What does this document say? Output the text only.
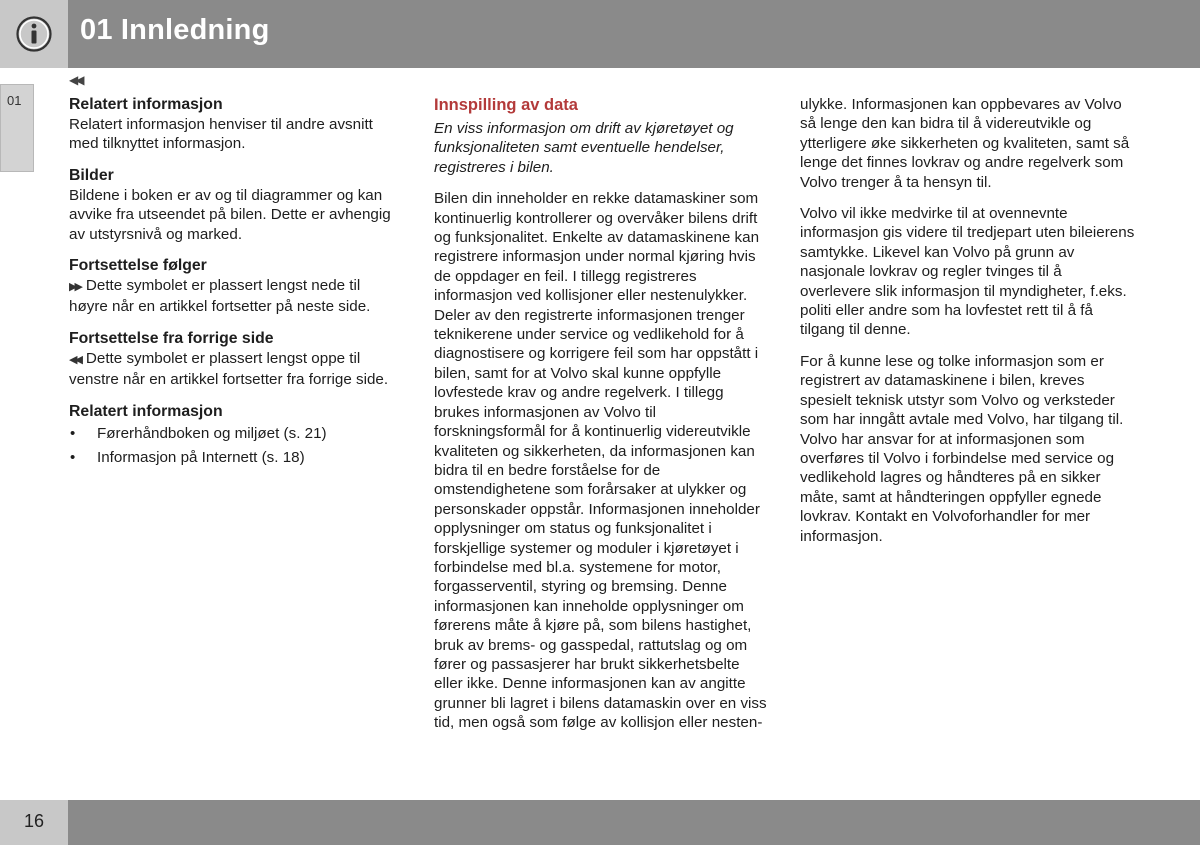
01 Innledning
01
◀◀

Relatert informasjon

Relatert informasjon henviser til andre avsnitt med tilknyttet informasjon.

Bilder

Bildene i boken er av og til diagrammer og kan avvike fra utseendet på bilen. Dette er avhengig av utstyrsnivå og marked.

Fortsettelse følger

▶▶ Dette symbolet er plassert lengst nede til høyre når en artikkel fortsetter på neste side.

Fortsettelse fra forrige side

◀◀ Dette symbolet er plassert lengst oppe til venstre når en artikkel fortsetter fra forrige side.

Relatert informasjon

• Førerhåndboken og miljøet (s. 21)
• Informasjon på Internett (s. 18)

Innspilling av data

En viss informasjon om drift av kjøretøyet og funksjonaliteten samt eventuelle hendelser, registreres i bilen.

Bilen din inneholder en rekke datamaskiner som kontinuerlig kontrollerer og overvåker bilens drift og funksjonalitet. Enkelte av datamaskinene kan registrere informasjon under normal kjøring hvis de oppdager en feil. I tillegg registreres informasjon ved kollisjoner eller nestenulykker. Deler av den registrerte informasjonen trenger teknikerene under service og vedlikehold for å diagnostisere og korrigere feil som har oppstått i bilen, samt for at Volvo skal kunne oppfylle lovfestede krav og andre regelverk. I tillegg brukes informasjonen av Volvo til forskningsformål for å kontinuerlig videreutvikle kvaliteten og sikkerheten, da informasjonen kan bidra til en bedre forståelse for de omstendighetene som forårsaker at ulykker og personskader oppstår. Informasjonen inneholder opplysninger om status og funksjonalitet i forskjellige systemer og moduler i kjøretøyet i forbindelse med bl.a. systemene for motor, forgasserventil, styring og bremsing. Denne informasjonen kan inneholde opplysninger om førerens måte å kjøre på, som bilens hastighet, bruk av brems- og gasspedal, rattutslag og om fører og passasjerer har brukt sikkerhetsbelte eller ikke. Denne informasjonen kan av angitte grunner bli lagret i bilens datamaskin over en viss tid, men også som følge av kollisjon eller nesten-

ulykke. Informasjonen kan oppbevares av Volvo så lenge den kan bidra til å videreutvikle og ytterligere øke sikkerheten og kvaliteten, samt så lenge det finnes lovkrav og andre regelverk som Volvo trenger å ta hensyn til.

Volvo vil ikke medvirke til at ovennevnte informasjon gis videre til tredjepart uten bileierens samtykke. Likevel kan Volvo på grunn av nasjonale lovkrav og regler tvinges til å overlevere slik informasjon til myndigheter, f.eks. politi eller andre som ha lovfestet rett til å få tilgang til denne.

For å kunne lese og tolke informasjon som er registrert av datamaskinene i bilen, kreves spesielt teknisk utstyr som Volvo og verksteder som har inngått avtale med Volvo, har tilgang til. Volvo har ansvar for at informasjonen som overføres til Volvo i forbindelse med service og vedlikehold lagres og håndteres på en sikker måte, samt at håndteringen oppfyller egnede lovkrav. Kontakt en Volvoforhandler for mer informasjon.

16
